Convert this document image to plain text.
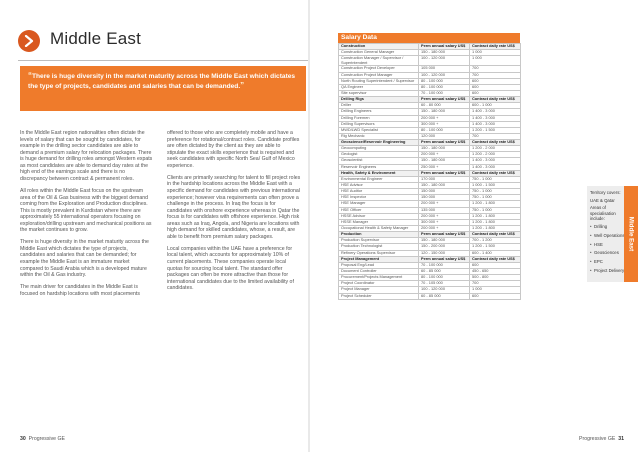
Middle East
“There is huge diversity in the market maturity across the Middle East which dictates the type of projects, candidates and salaries that can be demanded.”

In the Middle East region nationalities often dictate the levels of salary that can be sought by candidates, for example in the drilling sector candidates are able to demand a premium salary for relocation packages. There is huge demand for drilling roles amongst Western expats as most candidates are able to demand day rates at the high end of the earnings scale and there is no discrepancy between contract & permanent roles.

All roles within the Middle East focus on the upstream area of the Oil & Gas business with the biggest demand coming from the Exploration and Production disciplines. This is mostly prevalent in Kurdistan where there are approximately 55 international operators focusing on exploration/drilling upstream and mechanical positions as the market continues to grow.

There is huge diversity in the market maturity across the Middle East which dictates the type of projects, candidates and salaries that can be demanded; for example the Middle East is an immature market compared to Saudi Arabia which is a developed mature within the Oil & Gas industry.

The main driver for candidates in the Middle East is focused on hardship locations with most placements

offered to those who are completely mobile and have a preference for rotational/contract roles. Candidate profiles are often dictated by the client as they are able to stipulate the exact skills experience that is required and seek candidates with specific North Sea/ Gulf of Mexico experience.

Clients are primarily searching for talent to fill project roles in the hardship locations across the Middle East with a specific demand for candidates with previous international experience; however visa requirements can often prove a challenge in the process. In Iraq the focus is for candidates with onshore experience whereas in Qatar the focus is for candidates with offshore experience. High risk areas such as Iraq, Angola, and Nigeria are locations with high demand for skilled candidates, whose, a result, are able to benefit from premium salary packages.

Local companies within the UAE have a preference for local talent, which accounts for approximately 10% of current placements. These companies operate local quotas for sourcing local talent. The standard offer packages can often be more attractive than those for international candidates due to the limited availability of candidates.

30 Progressive GE	Progressive GE 31
Salary Data
Construction	Perm annual salary US$	Contract daily rate US$
Construction General Manager	150 - 180 000	1 000
Construction Manager / Supervisor / Superintendent	100 - 120 000	1 000
Construction Project Developer	105 000	700
Construction Project Manager	100 - 120 000	700
North Routing Superintendent / Supervisor	80 - 100 000	600
QA Engineer	80 - 100 000	600
Site supervisor	70 - 100 000	600
Drilling Rigs	Perm annual salary US$	Contract daily rate US$
Driller	60 - 80 000	600 - 1 000
Drilling Engineers	150 - 180 000	1 400 - 3 000
Drilling Foremen	200 000 +	1 400 - 3 000
Drilling Supervisors	300 000 +	1 400 - 3 000
MWD/LWD Specialist	80 - 100 000	1 200 - 1 500
Rig Mechanic	120 000	700
Geoscience/Reservoir Engineering	Perm annual salary US$	Contract daily rate US$
Geocomputing	150 - 180 000	1 200 - 2 000
Geologist	200 000 +	1 200 - 2 000
Geoscientist	150 - 180 000	1 400 - 3 000
Reservoir Engineers	250 000 +	1 400 - 3 000
Health, Safety & Environment	Perm annual salary US$	Contract daily rate US$
Environmental Engineer	170 000	750 - 1 000
HSE Advisor	150 - 180 000	1 000 - 1 500
HSE Auditor	150 000	750 - 1 000
HSE Inspector	150 000	750 - 1 000
HSE Manager	200 000 +	1 200 - 1 800
HSE Officer	135 000	750 - 1 000
HSSE Advisor	200 000 +	1 200 - 1 800
HSSE Manager	300 000 +	1 200 - 1 800
Occupational Health & Safety Manager	200 000 +	1 200 - 1 800
Production	Perm annual salary US$	Contract daily rate US$
Production Supervisor	150 - 180 000	700 - 1 200
Production Technologist	150 - 200 000	1 200 - 1 500
Refinery Operations Supervisor	120 - 150 000	600 - 1 400
Project Management	Perm annual salary US$	Contract daily rate US$
Proposal Eng/Lead	70 - 100 000	600
Document Controller	60 - 85 000	450 - 650
Procurement/Projects Management	80 - 100 000	500 - 800
Project Coordinator	70 - 105 000	700
Project Manager	100 - 120 000	1 000
Project Scheduler	60 - 85 000	600
Territory covers:
UAE & Qatar
Areas of specialisation include:
• Drilling
• Well Operations
• HSE
• Geosciences
• EPC
• Project Delivery
Middle East
